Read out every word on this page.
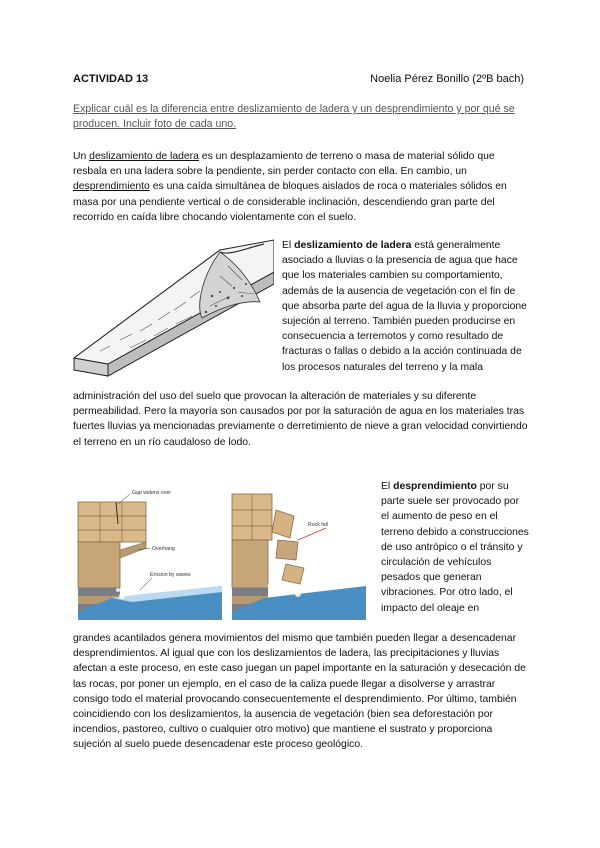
ACTIVIDAD 13	Noelia Pérez Bonillo (2ºB bach)
Explicar cuál es la diferencia entre deslizamiento de ladera y un desprendimiento y por qué se producen. Incluir foto de cada uno.
Un deslizamiento de ladera es un desplazamiento de terreno o masa de material sólido que resbala en una ladera sobre la pendiente, sin perder contacto con ella. En cambio, un desprendimiento es una caída simultánea de bloques aislados de roca o materiales sólidos en masa por una pendiente vertical o de considerable inclinación, descendiendo gran parte del recorrido en caída libre chocando violentamente con el suelo.
El deslizamiento de ladera está generalmente asociado a lluvias o la presencia de agua que hace que los materiales cambien su comportamiento, además de la ausencia de vegetación con el fin de que absorba parte del agua de la lluvia y proporcione sujeción al terreno. También pueden producirse en consecuencia a terremotos y como resultado de fracturas o fallas o debido a la acción continuada de los procesos naturales del terreno y la mala
administración del uso del suelo que provocan la alteración de materiales y su diferente permeabilidad. Pero la mayoría son causados por por la saturación de agua en los materiales tras fuertes lluvias ya mencionadas previamente o derretimiento de nieve a gran velocidad convirtiendo el terreno en un río caudaloso de lodo.
Gap widens over
Overhang
Erosion by waves
Rock fall
El desprendimiento por su parte suele ser provocado por el aumento de peso en el terreno debido a construcciones de uso antrópico o el tránsito y circulación de vehículos pesados que generan vibraciones. Por otro lado, el impacto del oleaje en
grandes acantilados genera movimientos del mismo que también pueden llegar a desencadenar desprendimientos. Al igual que con los deslizamientos de ladera, las precipitaciones y lluvias afectan a este proceso, en este caso juegan un papel importante en la saturación y desecación de las rocas, por poner un ejemplo, en el caso de la caliza puede llegar a disolverse y arrastrar consigo todo el material provocando consecuentemente el desprendimiento. Por último, también coincidiendo con los deslizamientos, la ausencia de vegetación (bien sea deforestación por incendios, pastoreo, cultivo o cualquier otro motivo) que mantiene el sustrato y proporciona sujeción al suelo puede desencadenar este proceso geológico.
